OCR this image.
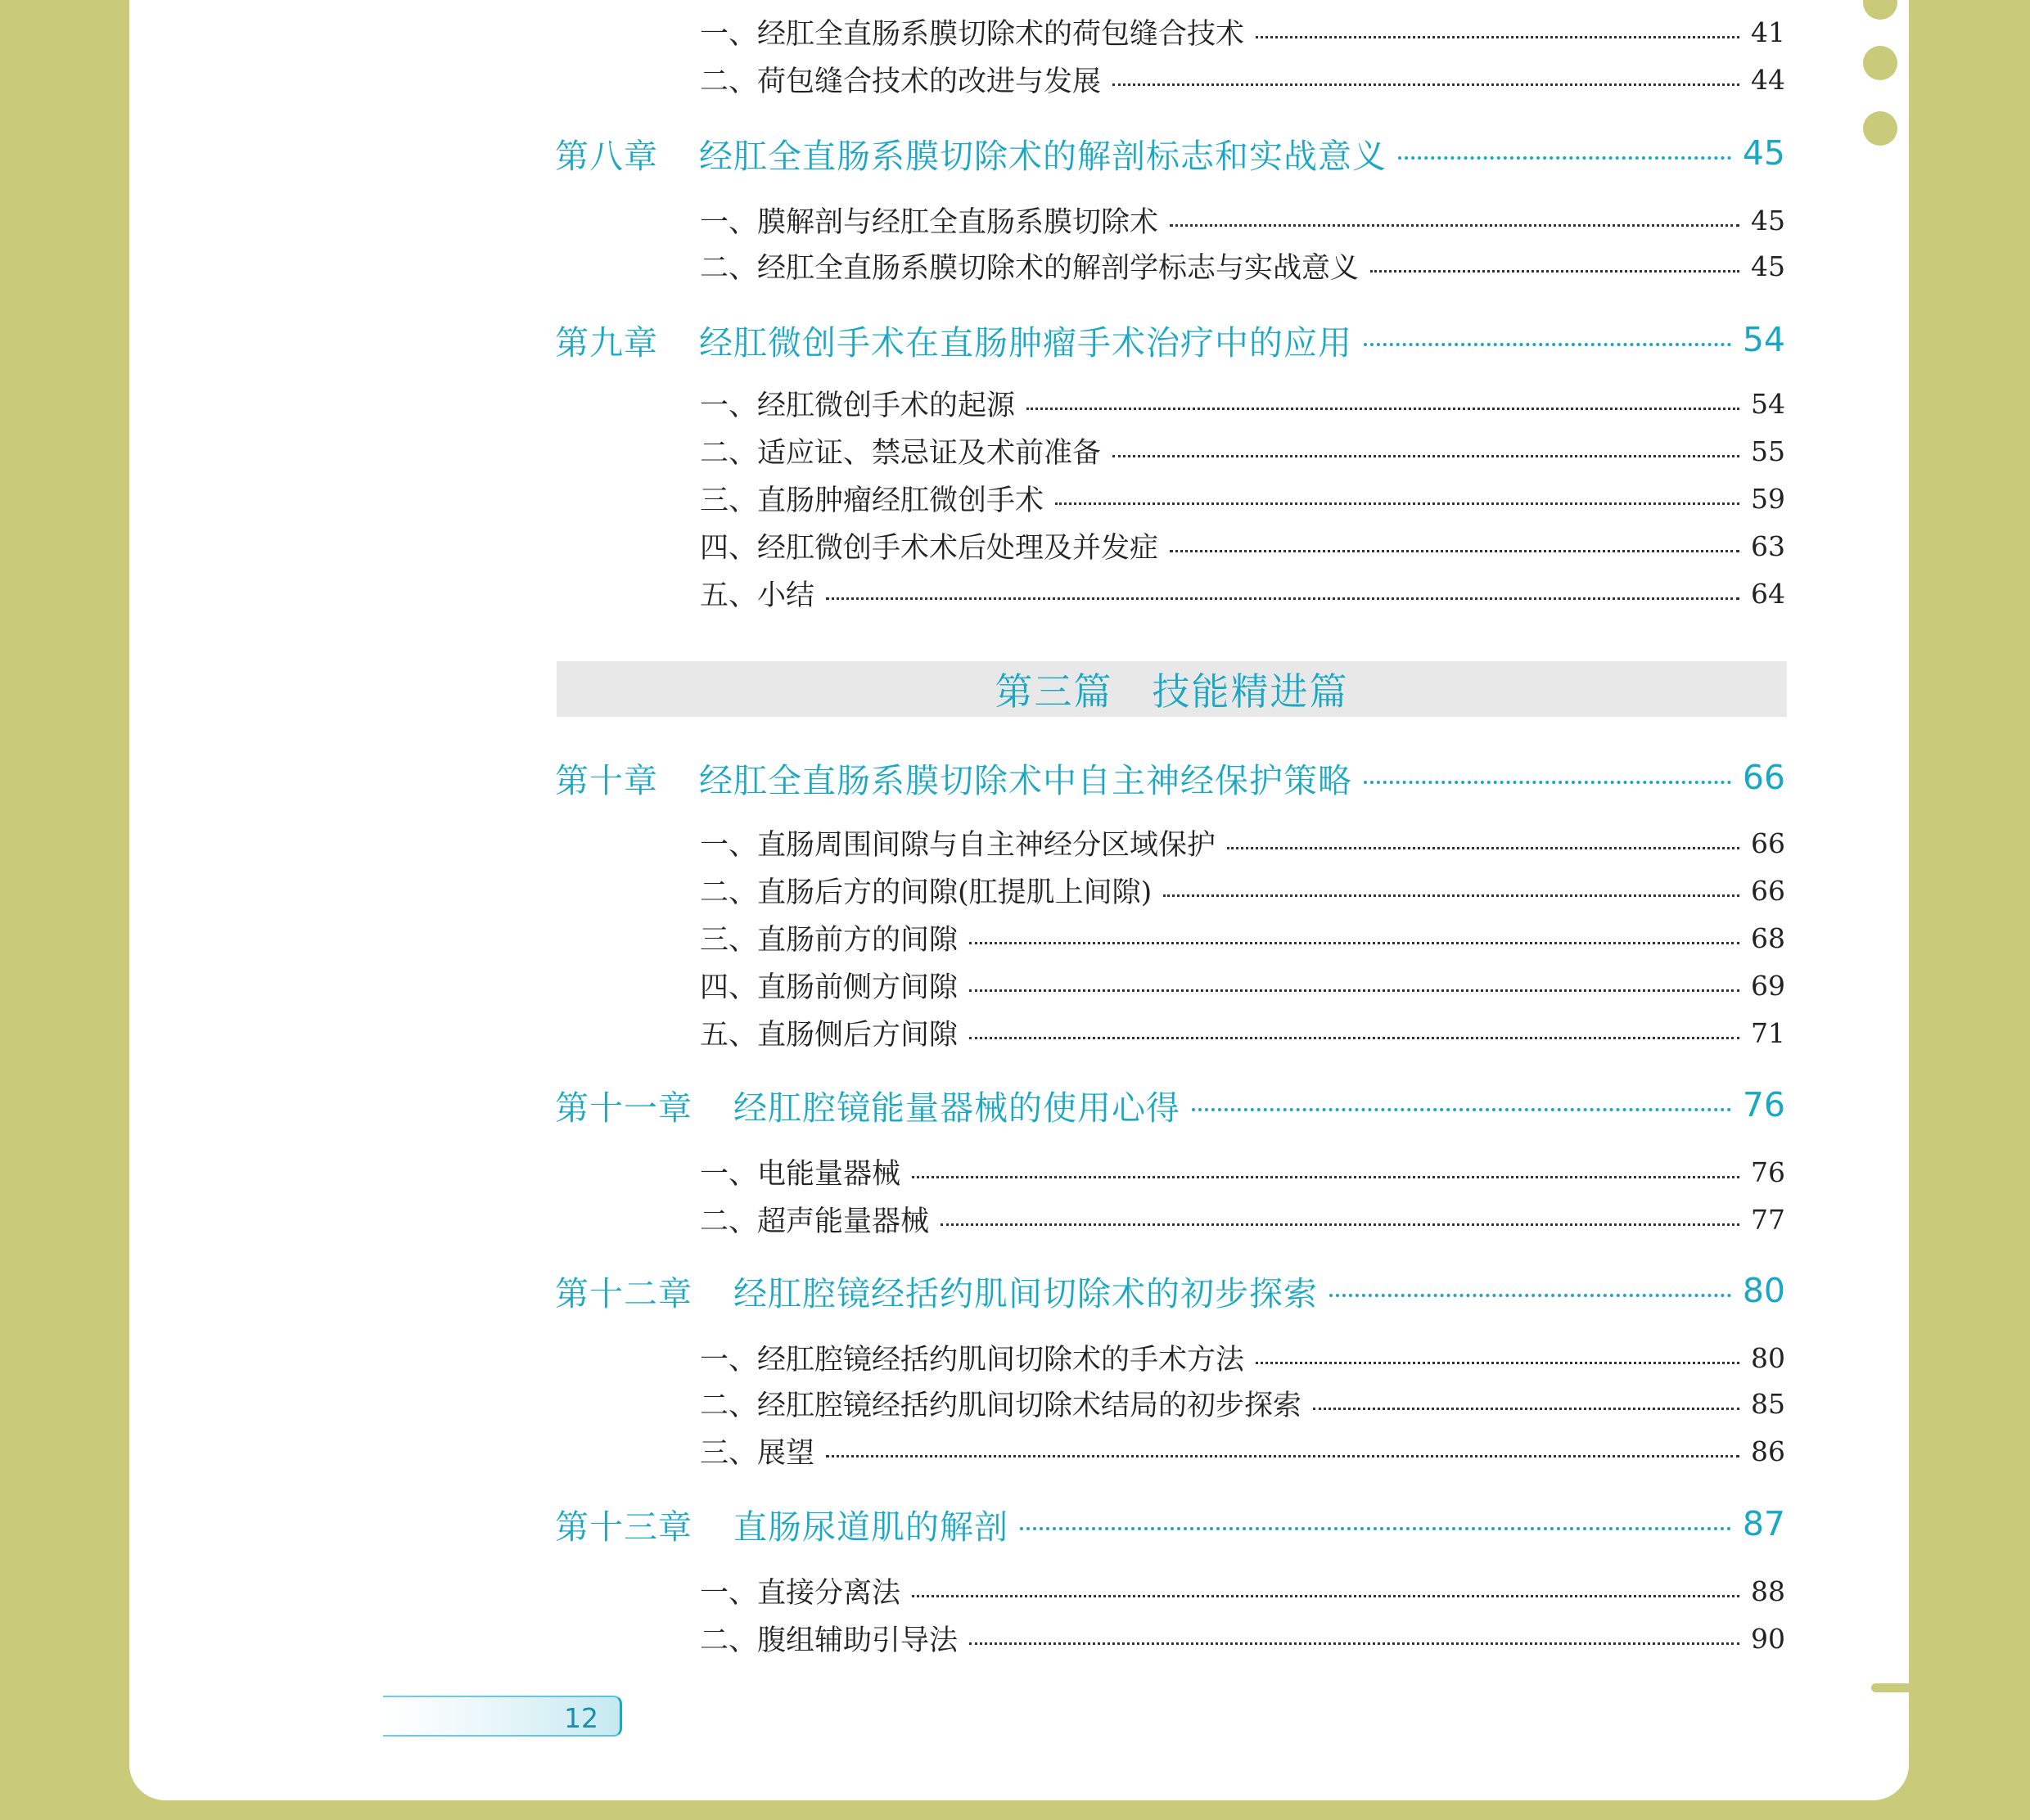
第三篇　技能精进篇
一、经肛全直肠系膜切除术的荷包缝合技术	41
二、荷包缝合技术的改进与发展	44
第八章 经肛全直肠系膜切除术的解剖标志和实战意义	45
一、膜解剖与经肛全直肠系膜切除术	45
二、经肛全直肠系膜切除术的解剖学标志与实战意义	45
第九章 经肛微创手术在直肠肿瘤手术治疗中的应用	54
一、经肛微创手术的起源	54
二、适应证、禁忌证及术前准备	55
三、直肠肿瘤经肛微创手术	59
四、经肛微创手术术后处理及并发症	63
五、小结	64
第十章 经肛全直肠系膜切除术中自主神经保护策略	66
一、直肠周围间隙与自主神经分区域保护	66
二、直肠后方的间隙(肛提肌上间隙)	66
三、直肠前方的间隙	68
四、直肠前侧方间隙	69
五、直肠侧后方间隙	71
第十一章 经肛腔镜能量器械的使用心得	76
一、电能量器械	76
二、超声能量器械	77
第十二章 经肛腔镜经括约肌间切除术的初步探索	80
一、经肛腔镜经括约肌间切除术的手术方法	80
二、经肛腔镜经括约肌间切除术结局的初步探索	85
三、展望	86
第十三章 直肠尿道肌的解剖	87
一、直接分离法	88
二、腹组辅助引导法	90
12
